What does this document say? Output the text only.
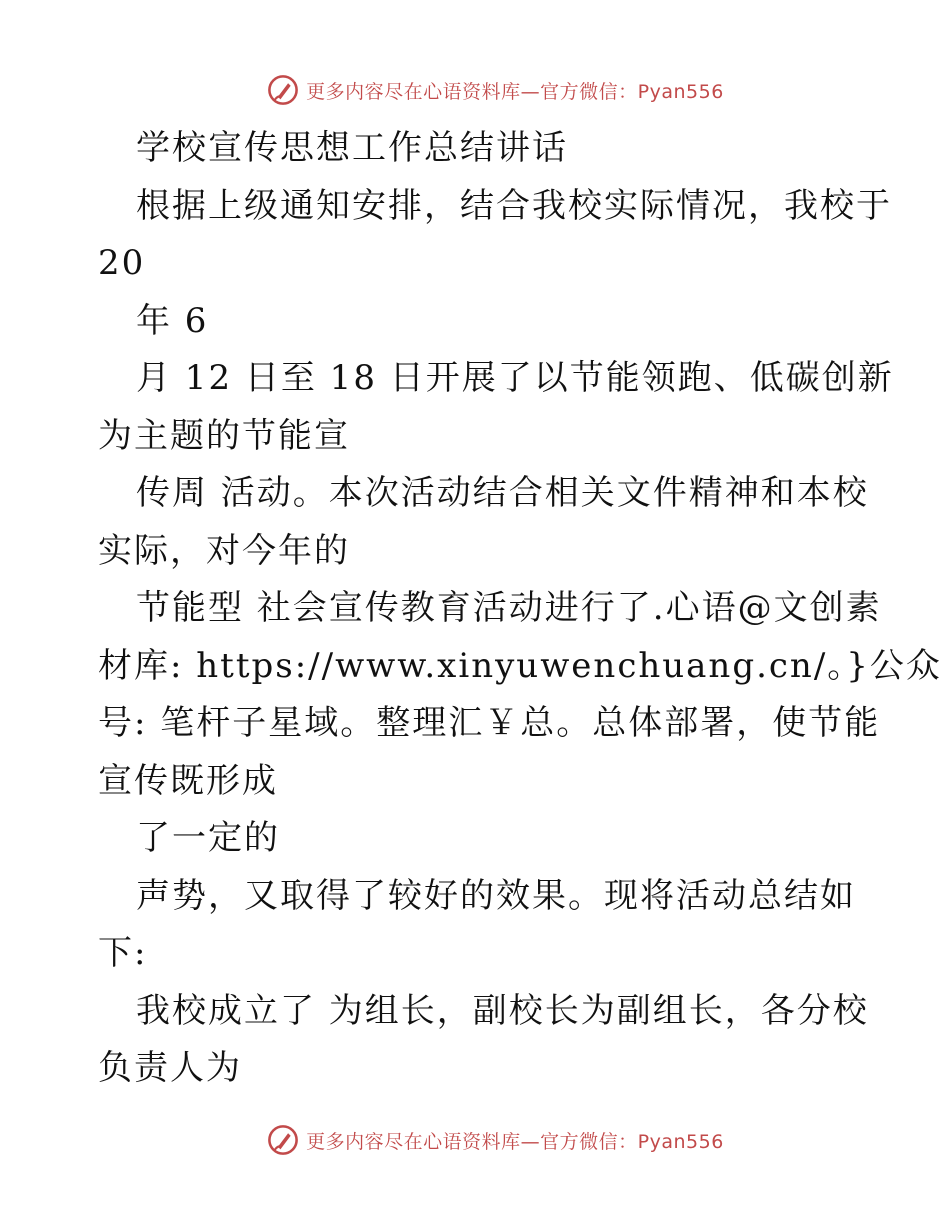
更多内容尽在心语资料库—官方微信：Pyan556
学校宣传思想工作总结讲话
根据上级通知安排，结合我校实际情况，我校于
20
年 6
月 12 日至 18 日开展了以节能领跑、低碳创新
为主题的节能宣
传周 活动。本次活动结合相关文件精神和本校
实际，对今年的
节能型 社会宣传教育活动进行了.心语@文创素
材库: https://www.xinyuwenchuang.cn/。}公众
号: 笔杆子星域。整理汇￥总。总体部署，使节能
宣传既形成
了一定的
声势，又取得了较好的效果。现将活动总结如
下:
我校成立了 为组长，副校长为副组长，各分校
负责人为
更多内容尽在心语资料库—官方微信：Pyan556
